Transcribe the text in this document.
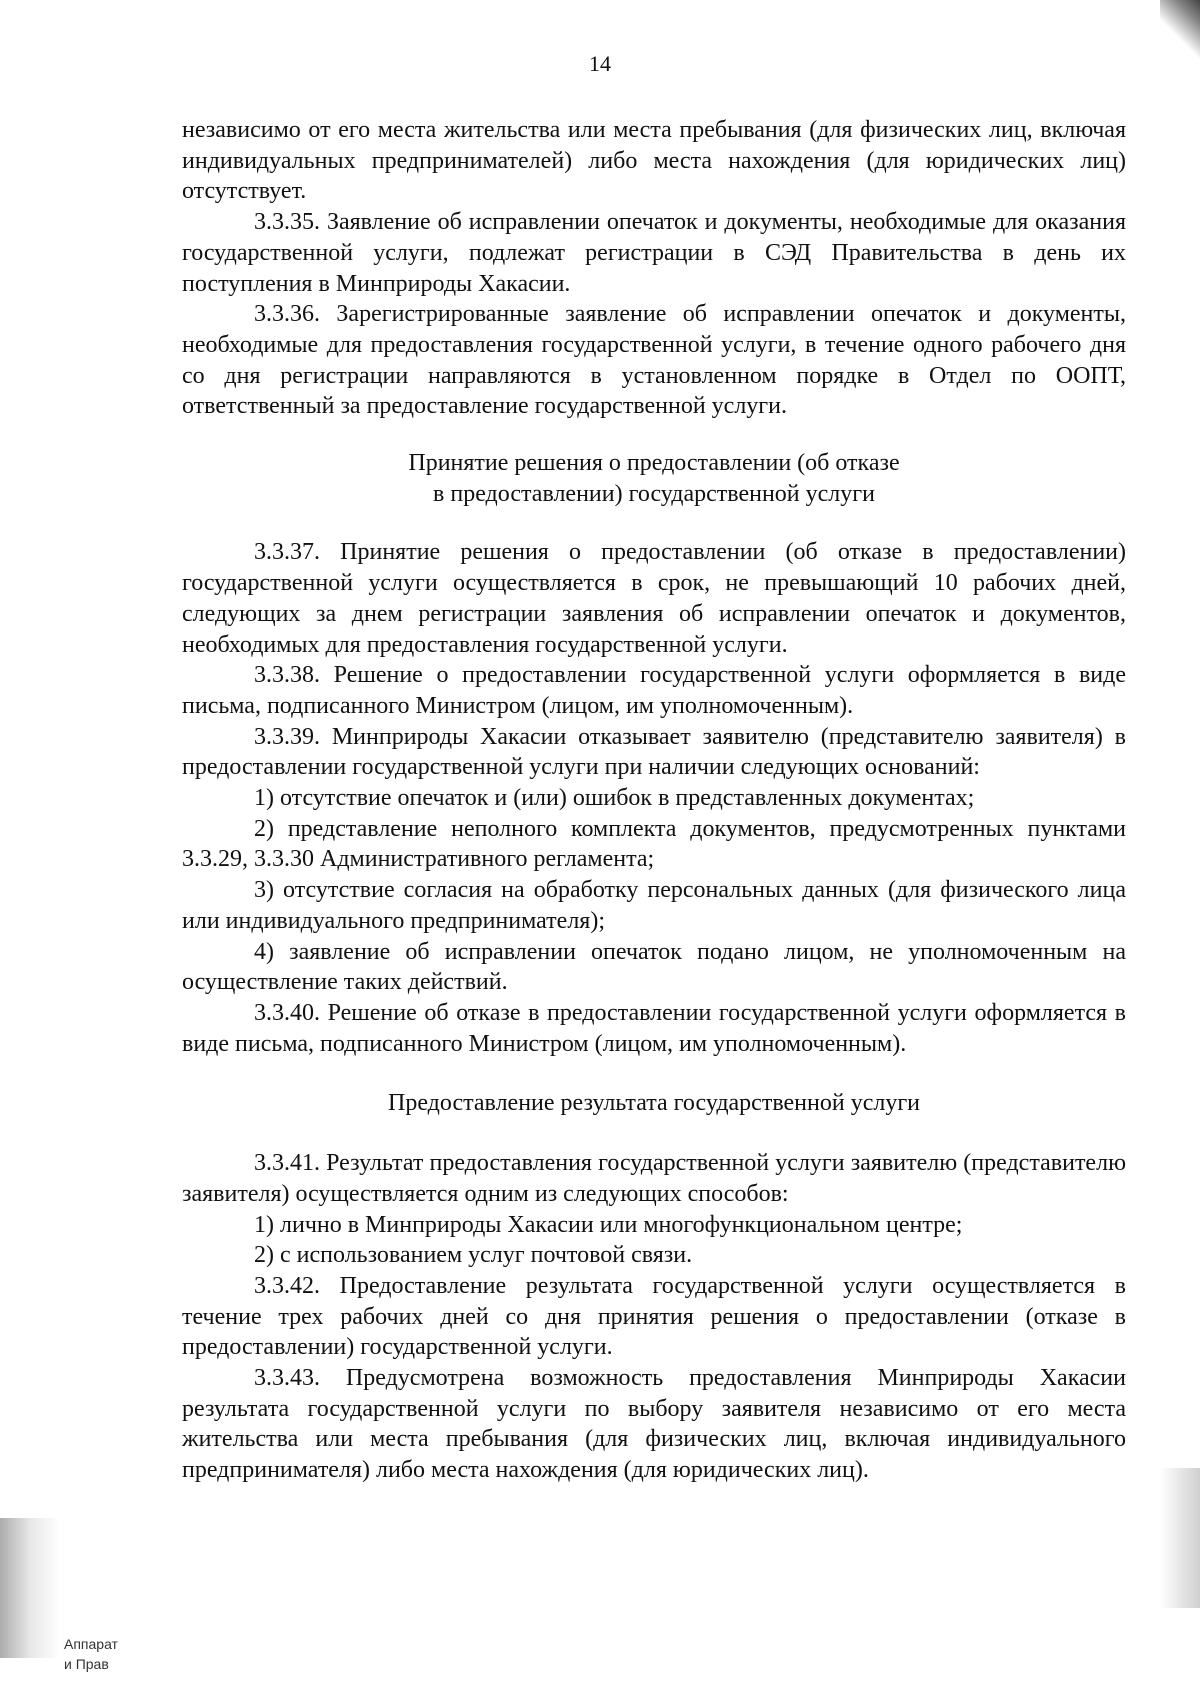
14

независимо от его места жительства или места пребывания (для физических лиц, включая индивидуальных предпринимателей) либо места нахождения (для юридических лиц) отсутствует.

3.3.35. Заявление об исправлении опечаток и документы, необходимые для оказания государственной услуги, подлежат регистрации в СЭД Правительства в день их поступления в Минприроды Хакасии.

3.3.36. Зарегистрированные заявление об исправлении опечаток и документы, необходимые для предоставления государственной услуги, в течение одного рабочего дня со дня регистрации направляются в установленном порядке в Отдел по ООПТ, ответственный за предоставление государственной услуги.

Принятие решения о предоставлении (об отказе

в предоставлении) государственной услуги

3.3.37. Принятие решения о предоставлении (об отказе в предоставлении) государственной услуги осуществляется в срок, не превышающий 10 рабочих дней, следующих за днем регистрации заявления об исправлении опечаток и документов, необходимых для предоставления государственной услуги.

3.3.38. Решение о предоставлении государственной услуги оформляется в виде письма, подписанного Министром (лицом, им уполномоченным).

3.3.39. Минприроды Хакасии отказывает заявителю (представителю заявителя) в предоставлении государственной услуги при наличии следующих оснований:

1) отсутствие опечаток и (или) ошибок в представленных документах;

2) представление неполного комплекта документов, предусмотренных пунктами 3.3.29, 3.3.30 Административного регламента;

3) отсутствие согласия на обработку персональных данных (для физического лица или индивидуального предпринимателя);

4) заявление об исправлении опечаток подано лицом, не уполномоченным на осуществление таких действий.

3.3.40. Решение об отказе в предоставлении государственной услуги оформляется в виде письма, подписанного Министром (лицом, им уполномоченным).

Предоставление результата государственной услуги

3.3.41. Результат предоставления государственной услуги заявителю (представителю заявителя) осуществляется одним из следующих способов:

1) лично в Минприроды Хакасии или многофункциональном центре;

2) с использованием услуг почтовой связи.

3.3.42. Предоставление результата государственной услуги осуществляется в течение трех рабочих дней со дня принятия решения о предоставлении (отказе в предоставлении) государственной услуги.

3.3.43. Предусмотрена возможность предоставления Минприроды Хакасии результата государственной услуги по выбору заявителя независимо от его места жительства или места пребывания (для физических лиц, включая индивидуального предпринимателя) либо места нахождения (для юридических лиц).

Аппарат
и Прав
